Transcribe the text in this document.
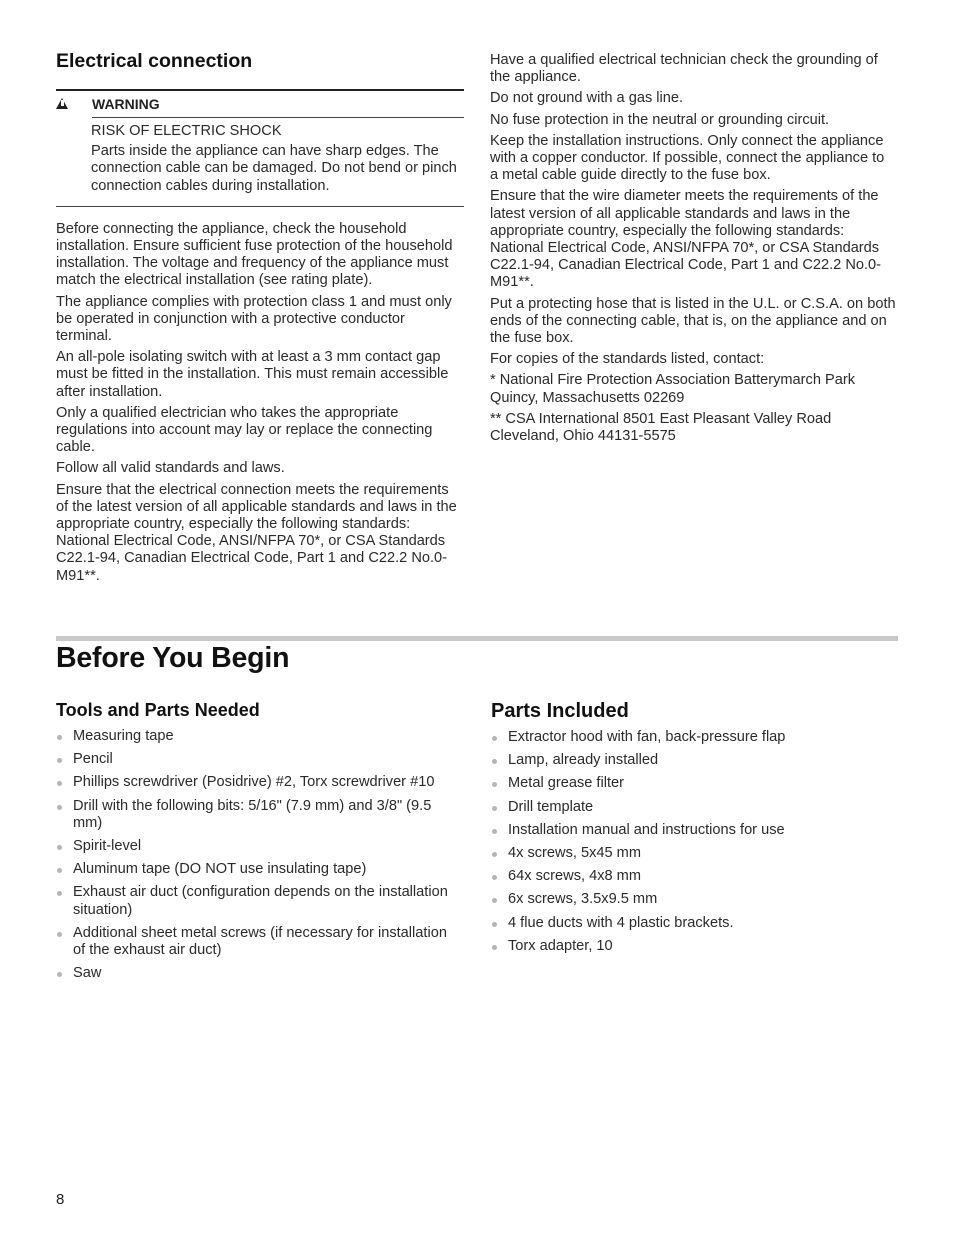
Electrical connection
WARNING

RISK OF ELECTRIC SHOCK

Parts inside the appliance can have sharp edges. The connection cable can be damaged. Do not bend or pinch connection cables during installation.

Before connecting the appliance, check the household installation. Ensure sufficient fuse protection of the household installation. The voltage and frequency of the appliance must match the electrical installation (see rating plate).

The appliance complies with protection class 1 and must only be operated in conjunction with a protective conductor terminal.

An all-pole isolating switch with at least a 3 mm contact gap must be fitted in the installation. This must remain accessible after installation.

Only a qualified electrician who takes the appropriate regulations into account may lay or replace the connecting cable.

Follow all valid standards and laws.

Ensure that the electrical connection meets the requirements of the latest version of all applicable standards and laws in the appropriate country, especially the following standards: National Electrical Code, ANSI/NFPA 70*, or CSA Standards C22.1-94, Canadian Electrical Code, Part 1 and C22.2 No.0-M91**.

Have a qualified electrical technician check the grounding of the appliance.

Do not ground with a gas line.

No fuse protection in the neutral or grounding circuit.

Keep the installation instructions. Only connect the appliance with a copper conductor. If possible, connect the appliance to a metal cable guide directly to the fuse box.

Ensure that the wire diameter meets the requirements of the latest version of all applicable standards and laws in the appropriate country, especially the following standards: National Electrical Code, ANSI/NFPA 70*, or CSA Standards C22.1-94, Canadian Electrical Code, Part 1 and C22.2 No.0-M91**.

Put a protecting hose that is listed in the U.L. or C.S.A. on both ends of the connecting cable, that is, on the appliance and on the fuse box.

For copies of the standards listed, contact:

* National Fire Protection Association Batterymarch Park Quincy, Massachusetts 02269

** CSA International 8501 East Pleasant Valley Road Cleveland, Ohio 44131-5575

Before You Begin
Tools and Parts Needed
Measuring tape
Pencil
Phillips screwdriver (Posidrive) #2, Torx screwdriver #10
Drill with the following bits: 5/16" (7.9 mm) and 3/8" (9.5 mm)
Spirit-level
Aluminum tape (DO NOT use insulating tape)
Exhaust air duct (configuration depends on the installation situation)
Additional sheet metal screws (if necessary for installation of the exhaust air duct)
Saw
Parts Included
Extractor hood with fan, back-pressure flap
Lamp, already installed
Metal grease filter
Drill template
Installation manual and instructions for use
4x screws, 5x45 mm
64x screws, 4x8 mm
6x screws, 3.5x9.5 mm
4 flue ducts with 4 plastic brackets.
Torx adapter, 10
8
